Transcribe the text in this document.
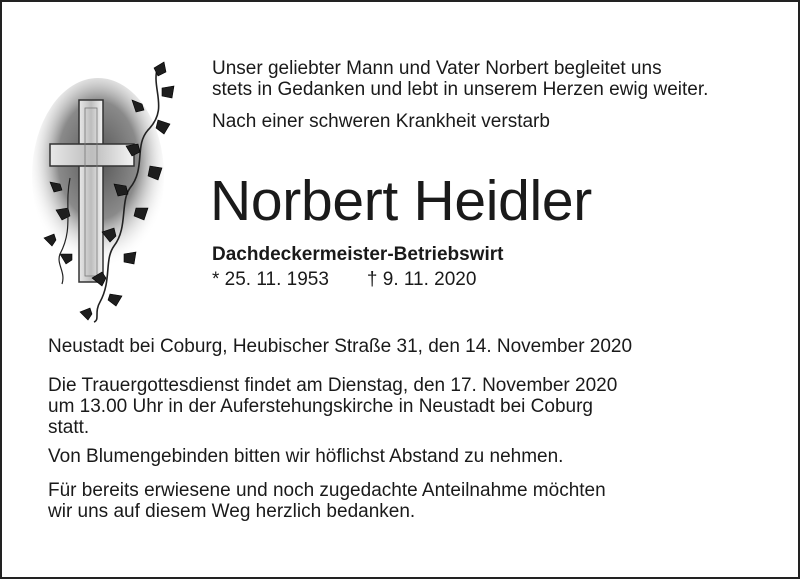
Unser geliebter Mann und Vater Norbert begleitet uns
stets in Gedanken und lebt in unserem Herzen ewig weiter.
Nach einer schweren Krankheit verstarb
Norbert Heidler
Dachdeckermeister-Betriebswirt
* 25. 11. 1953 † 9. 11. 2020
Neustadt bei Coburg, Heubischer Straße 31, den 14. November 2020
Die Trauergottesdienst findet am Dienstag, den 17. November 2020
um 13.00 Uhr in der Auferstehungskirche in Neustadt bei Coburg
statt.
Von Blumengebinden bitten wir höflichst Abstand zu nehmen.
Für bereits erwiesene und noch zugedachte Anteilnahme möchten
wir uns auf diesem Weg herzlich bedanken.
